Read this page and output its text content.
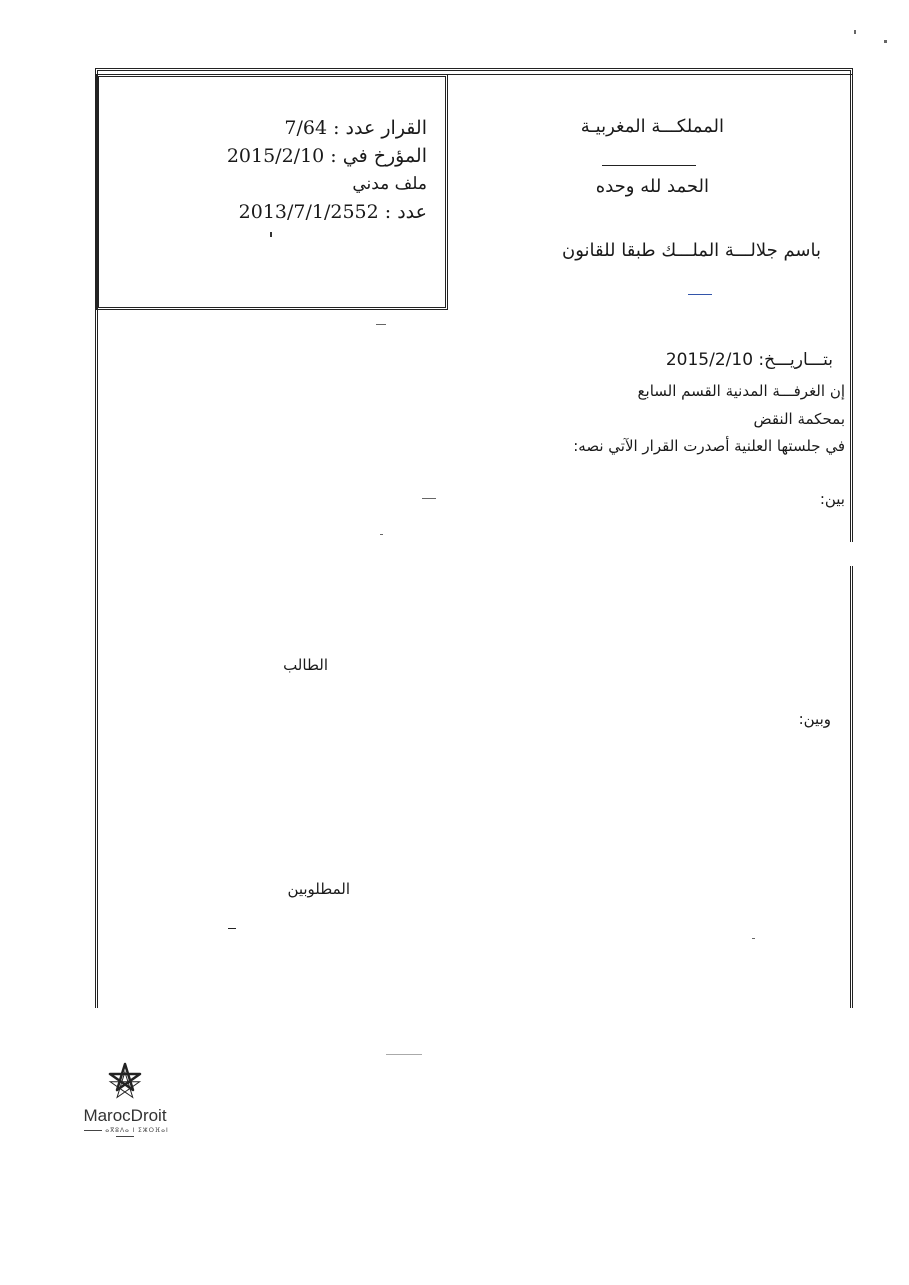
القرار عدد : 7/64
المؤرخ في : 2015/2/10
ملف مدني
عدد : 2013/7/1/2552
المملكـــة المغربيـة
الحمد لله وحده
باسم جلالـــة الملـــك طبقا للقانون
بتـــاريـــخ: 2015/2/10
إن الغرفـــة المدنية القسم السابع
بمحكمة النقض
في جلستها العلنية أصدرت القرار الآتي نصه:
بين:
الطالب
وبين:
المطلوبين
MarocDroit
ⴰⴳⵓⴷⴰ ⵏ ⵉⵣⵔⴼⴰⵏ
